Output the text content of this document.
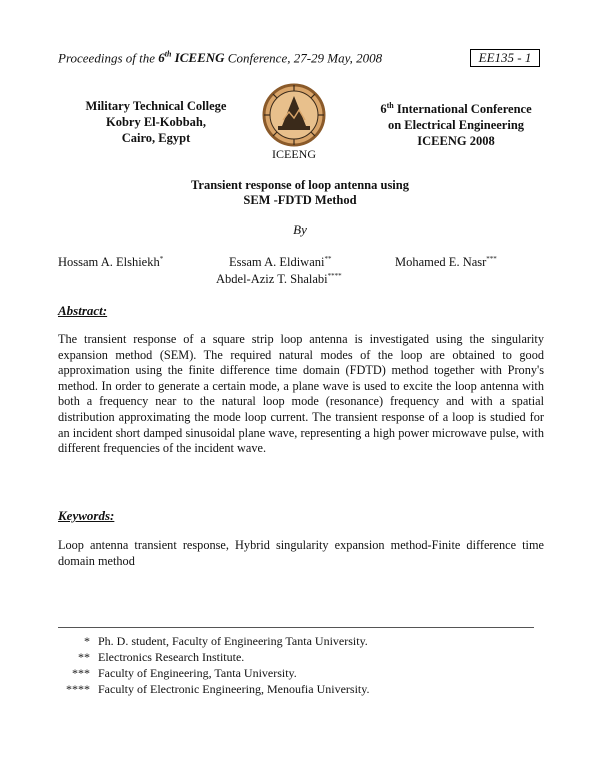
Proceedings of the 6th ICEENG Conference, 27-29 May, 2008	EE135 - 1
Military Technical College
Kobry El-Kobbah,
Cairo, Egypt
ICEENG
6th International Conference
on Electrical Engineering
ICEENG 2008
Transient response of loop antenna using
SEM -FDTD Method
By
Hossam A. Elshiekh*	Essam A. Eldiwani**	Mohamed E. Nasr***
Abdel-Aziz T. Shalabi****
Abstract:
The transient response of a square strip loop antenna is investigated using the singularity expansion method (SEM). The required natural modes of the loop are obtained to good approximation using the finite difference time domain (FDTD) method together with Prony's method. In order to generate a certain mode, a plane wave is used to excite the loop antenna with both a frequency near to the natural loop mode (resonance) frequency and with a spatial distribution approximating the mode loop current. The transient response of a loop is studied for an incident short damped sinusoidal plane wave, representing a high power microwave pulse, with different frequencies of the incident wave.
Keywords:
Loop antenna transient response, Hybrid singularity expansion method-Finite difference time domain method
* Ph. D. student, Faculty of Engineering Tanta University.
** Electronics Research Institute.
*** Faculty of Engineering, Tanta University.
**** Faculty of Electronic Engineering, Menoufia University.
